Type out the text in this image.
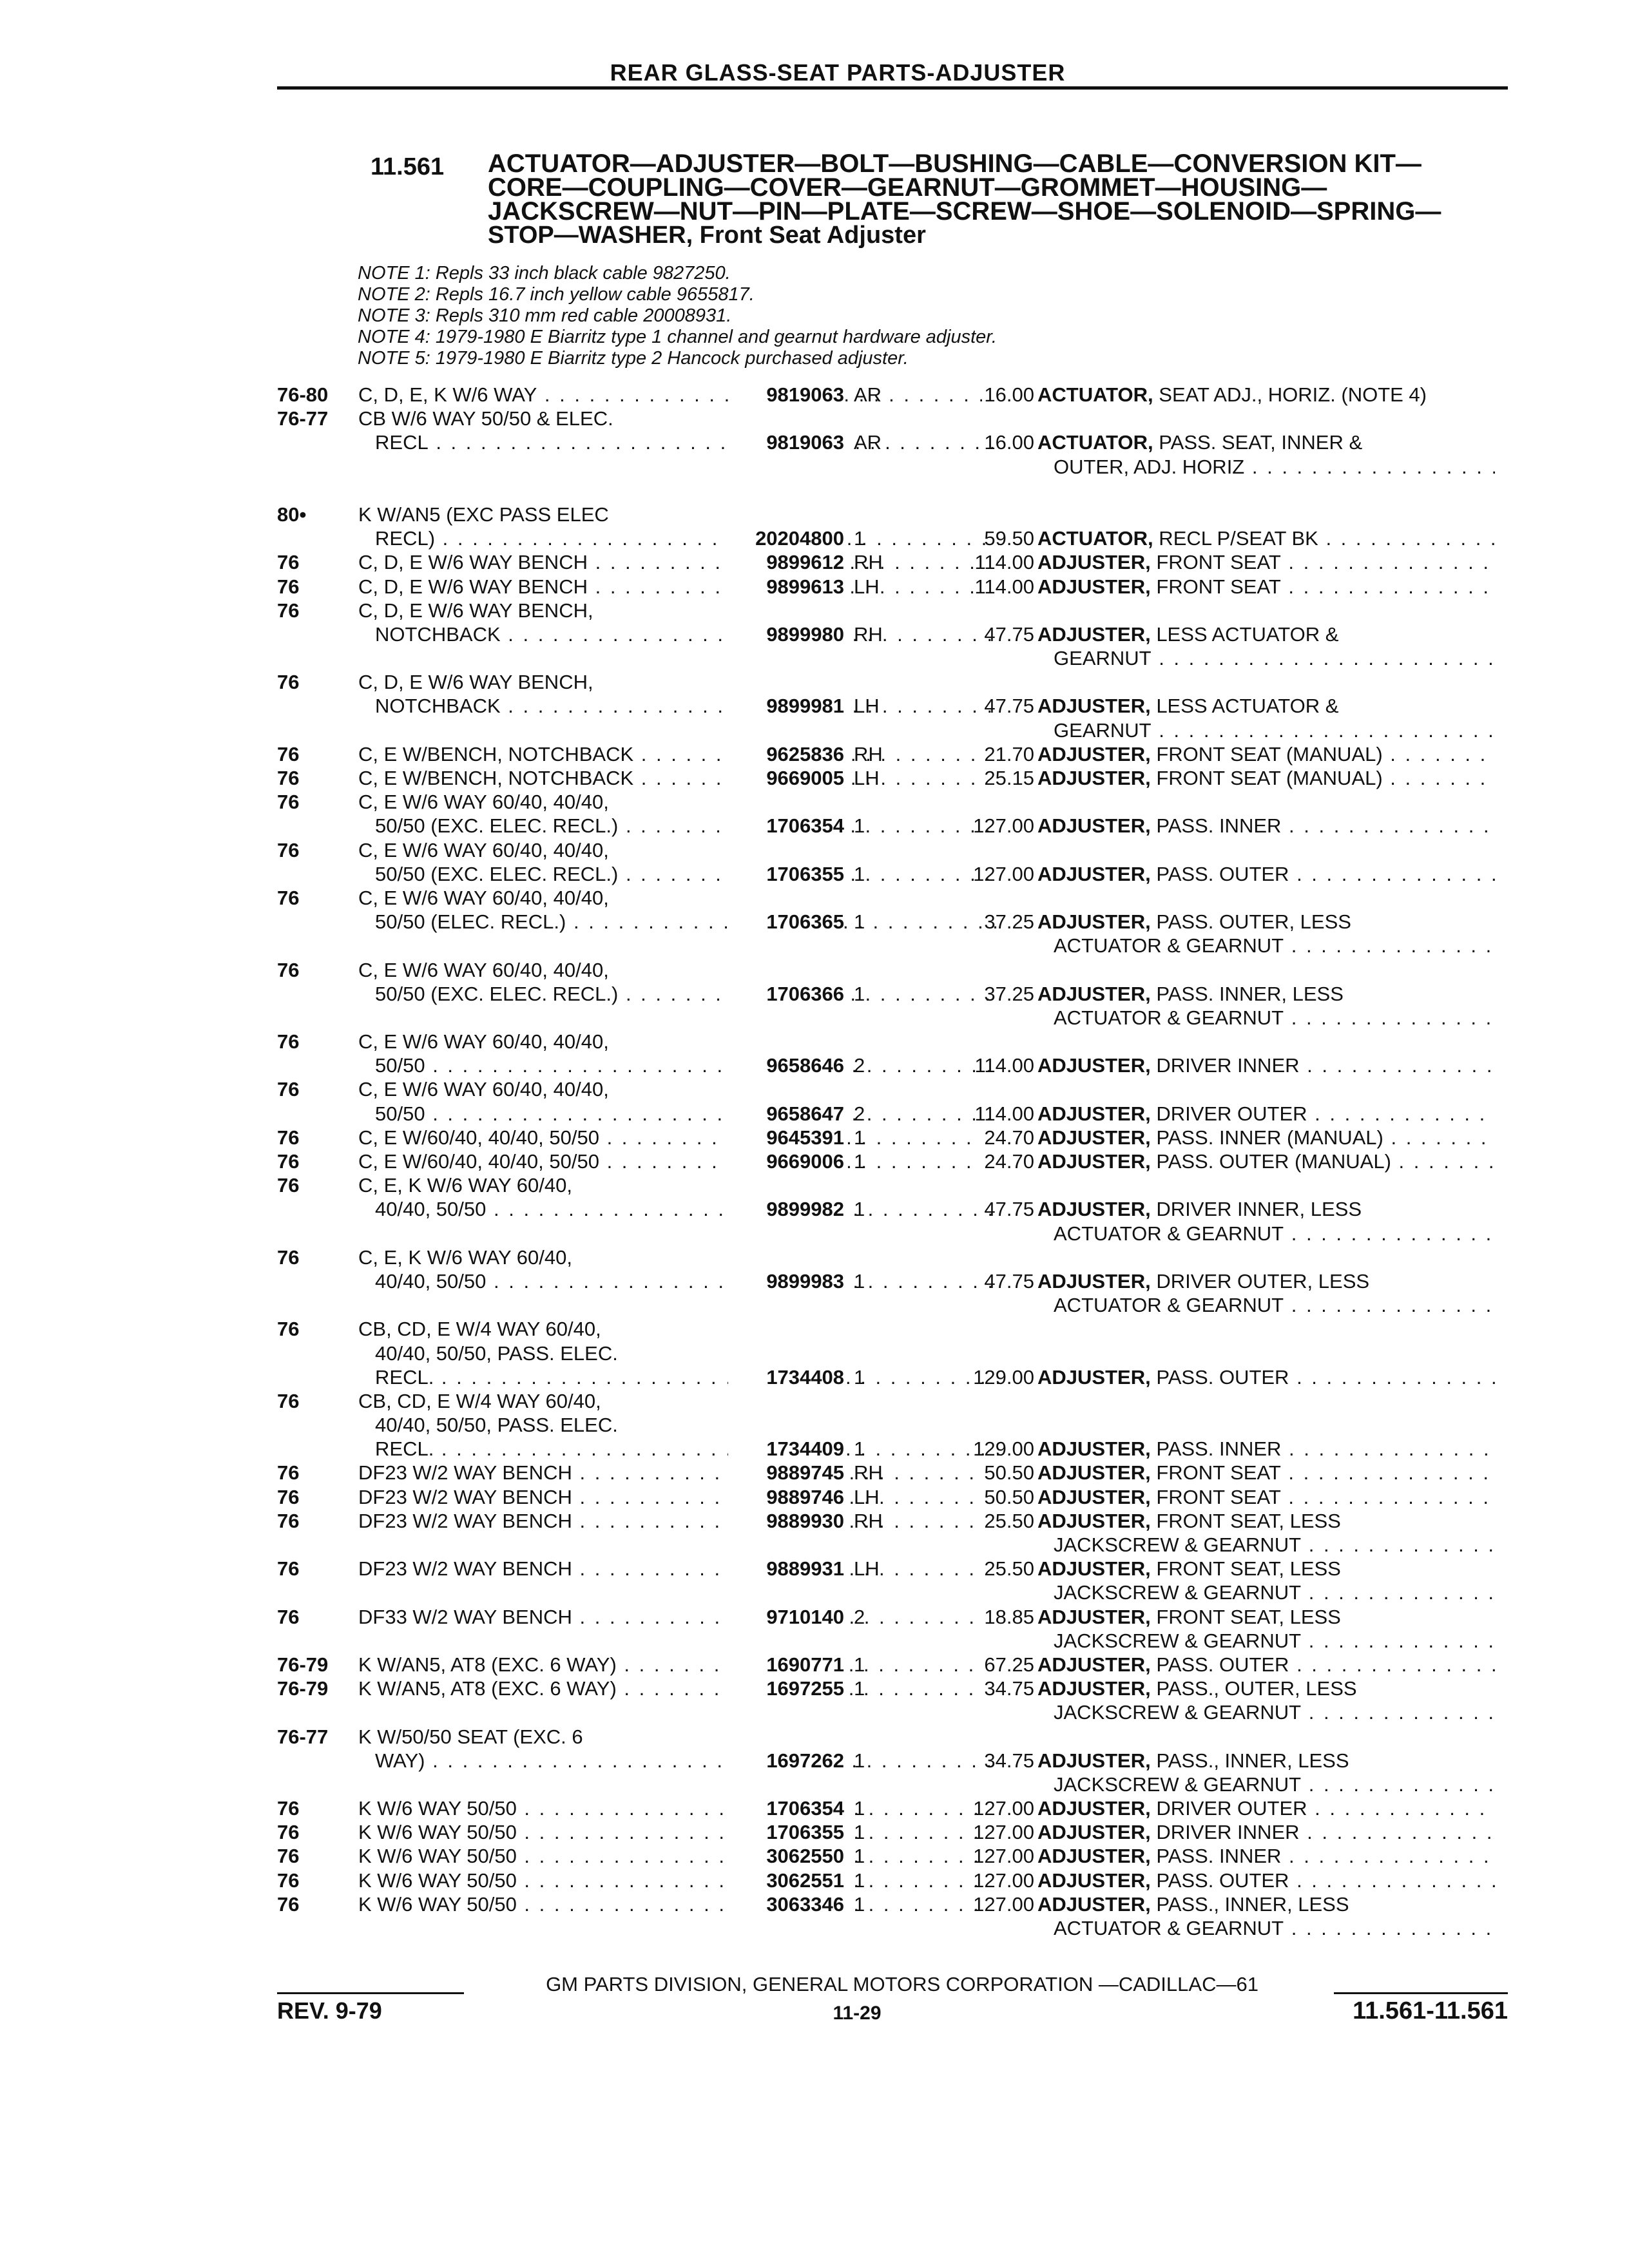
REAR GLASS-SEAT PARTS-ADJUSTER
11.561 ACTUATOR—ADJUSTER—BOLT—BUSHING—CABLE—CONVERSION KIT—
CORE—COUPLING—COVER—GEARNUT—GROMMET—HOUSING—
JACKSCREW—NUT—PIN—PLATE—SCREW—SHOE—SOLENOID—SPRING—
STOP—WASHER, Front Seat Adjuster
NOTE 1: Repls 33 inch black cable 9827250.
NOTE 2: Repls 16.7 inch yellow cable 9655817.
NOTE 3: Repls 310 mm red cable 20008931.
NOTE 4: 1979-1980 E Biarritz type 1 channel and gearnut hardware adjuster.
NOTE 5: 1979-1980 E Biarritz type 2 Hancock purchased adjuster.
76-80 C, D, E, K W/6 WAY . . .	9819063 AR	16.00 ACTUATOR, SEAT ADJ., HORIZ. (NOTE 4)
76-77 CB W/6 WAY 50/50 & ELEC.
RECL . . .	9819063 AR	16.00 ACTUATOR, PASS. SEAT, INNER &
OUTER, ADJ. HORIZ . . .
80•	K W/AN5 (EXC PASS ELEC
RECL) . . .	20204800 1	59.50 ACTUATOR, RECL P/SEAT BK . . .
76	C, D, E W/6 WAY BENCH . . .	9899612 RH	114.00 ADJUSTER, FRONT SEAT . . .
76	C, D, E W/6 WAY BENCH . . .	9899613 LH	114.00 ADJUSTER, FRONT SEAT . . .
76	C, D, E W/6 WAY BENCH,
NOTCHBACK . . .	9899980 RH	47.75 ADJUSTER, LESS ACTUATOR &
GEARNUT . . .
76	C, D, E W/6 WAY BENCH,
NOTCHBACK . . .	9899981 LH	47.75 ADJUSTER, LESS ACTUATOR &
GEARNUT . . .
76	C, E W/BENCH, NOTCHBACK . . .	9625836 RH	21.70 ADJUSTER, FRONT SEAT (MANUAL) . . .
76	C, E W/BENCH, NOTCHBACK . . .	9669005 LH	25.15 ADJUSTER, FRONT SEAT (MANUAL) . . .
76	C, E W/6 WAY 60/40, 40/40,
50/50 (EXC. ELEC. RECL.) . . .	1706354 1	127.00 ADJUSTER, PASS. INNER . . .
76	C, E W/6 WAY 60/40, 40/40,
50/50 (EXC. ELEC. RECL.) . . .	1706355 1	127.00 ADJUSTER, PASS. OUTER . . .
76	C, E W/6 WAY 60/40, 40/40,
50/50 (ELEC. RECL.) . . .	1706365 1	37.25 ADJUSTER, PASS. OUTER, LESS
ACTUATOR & GEARNUT . . .
76	C, E W/6 WAY 60/40, 40/40,
50/50 (EXC. ELEC. RECL.) . . .	1706366 1	37.25 ADJUSTER, PASS. INNER, LESS
ACTUATOR & GEARNUT . . .
76	C, E W/6 WAY 60/40, 40/40,
50/50 . . .	9658646 2	114.00 ADJUSTER, DRIVER INNER . . .
76	C, E W/6 WAY 60/40, 40/40,
50/50 . . .	9658647 2	114.00 ADJUSTER, DRIVER OUTER . . .
76	C, E W/60/40, 40/40, 50/50 . . .	9645391 1	24.70 ADJUSTER, PASS. INNER (MANUAL) . . .
76	C, E W/60/40, 40/40, 50/50 . . .	9669006 1	24.70 ADJUSTER, PASS. OUTER (MANUAL) . . .
76	C, E, K W/6 WAY 60/40,
40/40, 50/50 . . .	9899982 1	47.75 ADJUSTER, DRIVER INNER, LESS
ACTUATOR & GEARNUT . . .
76	C, E, K W/6 WAY 60/40,
40/40, 50/50 . . .	9899983 1	47.75 ADJUSTER, DRIVER OUTER, LESS
ACTUATOR & GEARNUT . . .
76	CB, CD, E W/4 WAY 60/40,
40/40, 50/50, PASS. ELEC.
RECL. . . .	1734408 1	129.00 ADJUSTER, PASS. OUTER . . .
76	CB, CD, E W/4 WAY 60/40,
40/40, 50/50, PASS. ELEC.
RECL. . . .	1734409 1	129.00 ADJUSTER, PASS. INNER . . .
76	DF23 W/2 WAY BENCH . . .	9889745 RH	50.50 ADJUSTER, FRONT SEAT . . .
76	DF23 W/2 WAY BENCH . . .	9889746 LH	50.50 ADJUSTER, FRONT SEAT . . .
76	DF23 W/2 WAY BENCH . . .	9889930 RH	25.50 ADJUSTER, FRONT SEAT, LESS
JACKSCREW & GEARNUT . . .
76	DF23 W/2 WAY BENCH . . .	9889931 LH	25.50 ADJUSTER, FRONT SEAT, LESS
JACKSCREW & GEARNUT . . .
76	DF33 W/2 WAY BENCH . . .	9710140 2	18.85 ADJUSTER, FRONT SEAT, LESS
JACKSCREW & GEARNUT . . .
76-79 K W/AN5, AT8 (EXC. 6 WAY) . . .	1690771 1	67.25 ADJUSTER, PASS. OUTER . . .
76-79 K W/AN5, AT8 (EXC. 6 WAY) . . .	1697255 1	34.75 ADJUSTER, PASS., OUTER, LESS
JACKSCREW & GEARNUT . . .
76-77 K W/50/50 SEAT (EXC. 6
WAY) . . .	1697262 1	34.75 ADJUSTER, PASS., INNER, LESS
JACKSCREW & GEARNUT . . .
76	K W/6 WAY 50/50 . . .	1706354 1	127.00 ADJUSTER, DRIVER OUTER . . .
76	K W/6 WAY 50/50 . . .	1706355 1	127.00 ADJUSTER, DRIVER INNER . . .
76	K W/6 WAY 50/50 . . .	3062550 1	127.00 ADJUSTER, PASS. INNER . . .
76	K W/6 WAY 50/50 . . .	3062551 1	127.00 ADJUSTER, PASS. OUTER . . .
76	K W/6 WAY 50/50 . . .	3063346 1	127.00 ADJUSTER, PASS., INNER, LESS
ACTUATOR & GEARNUT . . .
GM PARTS DIVISION, GENERAL MOTORS CORPORATION —CADILLAC—61
REV. 9-79	11-29	11.561-11.561
